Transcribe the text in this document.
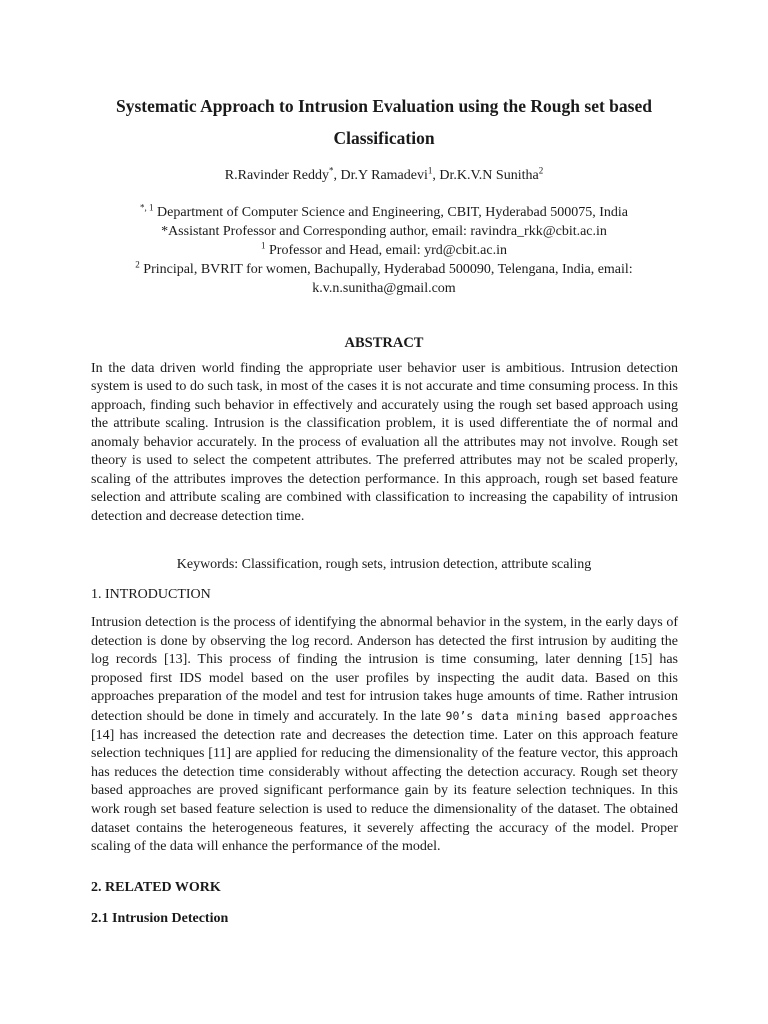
Systematic Approach to Intrusion Evaluation using the Rough set based Classification
R.Ravinder Reddy*, Dr.Y Ramadevi$^1$, Dr.K.V.N Sunitha$^2$
$^{*, 1}$ Department of Computer Science and Engineering, CBIT, Hyderabad 500075, India
*Assistant Professor and Corresponding author, email: ravindra_rkk@cbit.ac.in
$^1$ Professor and Head, email: yrd@cbit.ac.in
$^2$ Principal, BVRIT for women, Bachupally, Hyderabad 500090, Telengana, India, email:
k.v.n.sunitha@gmail.com
ABSTRACT
In the data driven world finding the appropriate user behavior user is ambitious. Intrusion detection system is used to do such task, in most of the cases it is not accurate and time consuming process. In this approach, finding such behavior in effectively and accurately using the rough set based approach using the attribute scaling. Intrusion is the classification problem, it is used differentiate the of normal and anomaly behavior accurately. In the process of evaluation all the attributes may not involve. Rough set theory is used to select the competent attributes. The preferred attributes may not be scaled properly, scaling of the attributes improves the detection performance. In this approach, rough set based feature selection and attribute scaling are combined with classification to increasing the capability of intrusion detection and decrease detection time.
Keywords: Classification, rough sets, intrusion detection, attribute scaling
1. INTRODUCTION
Intrusion detection is the process of identifying the abnormal behavior in the system, in the early days of detection is done by observing the log record. Anderson has detected the first intrusion by auditing the log records [13]. This process of finding the intrusion is time consuming, later denning [15] has proposed first IDS model based on the user profiles by inspecting the audit data. Based on this approaches preparation of the model and test for intrusion takes huge amounts of time. Rather intrusion detection should be done in timely and accurately. In the late 90’s data mining based approaches [14] has increased the detection rate and decreases the detection time. Later on this approach feature selection techniques [11] are applied for reducing the dimensionality of the feature vector, this approach has reduces the detection time considerably without affecting the detection accuracy. Rough set theory based approaches are proved significant performance gain by its feature selection techniques. In this work rough set based feature selection is used to reduce the dimensionality of the dataset. The obtained dataset contains the heterogeneous features, it severely affecting the accuracy of the model. Proper scaling of the data will enhance the performance of the model.
2. RELATED WORK
2.1 Intrusion Detection
